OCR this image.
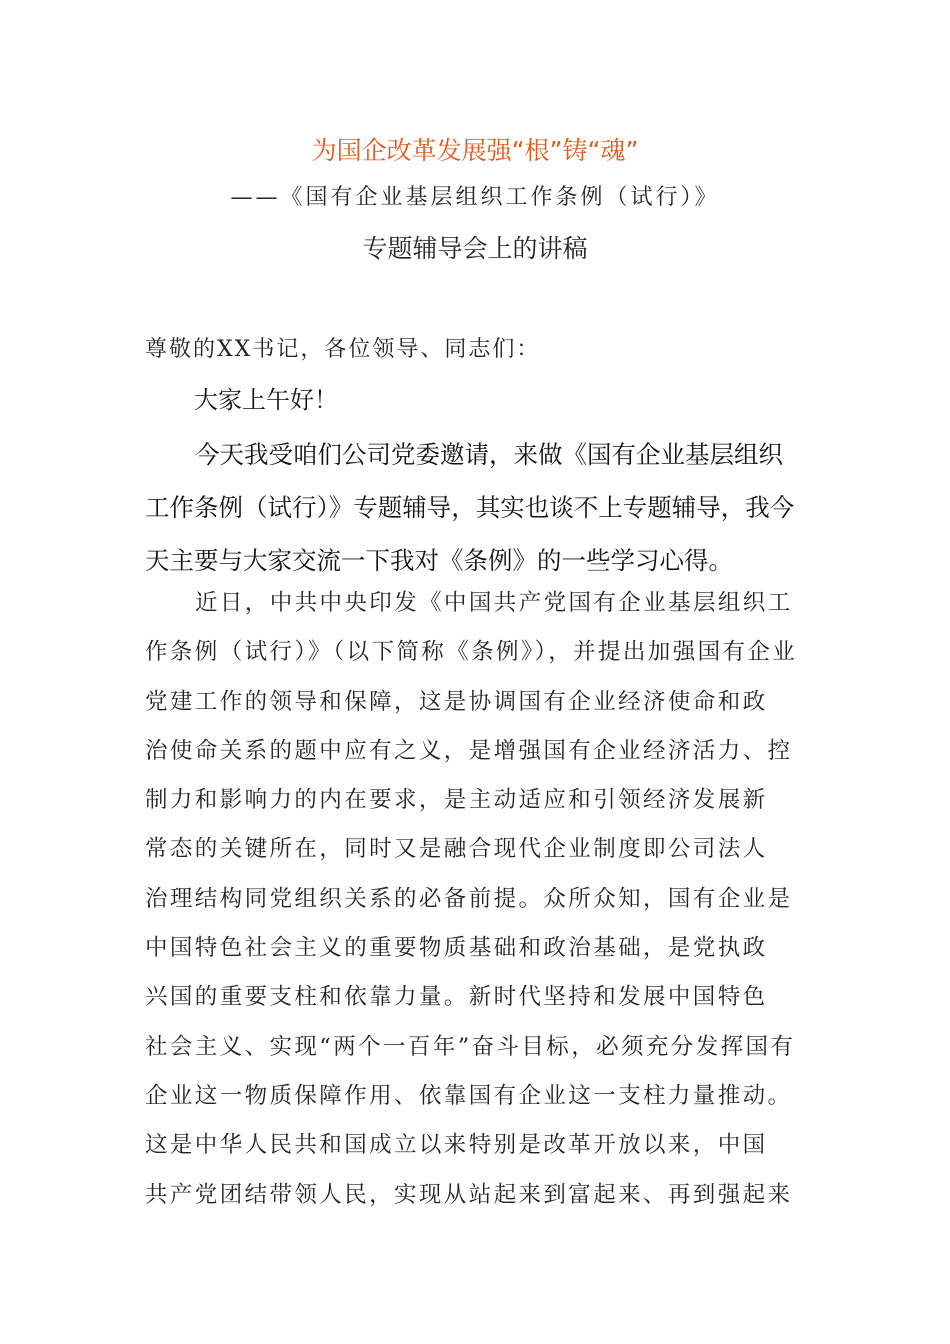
为国企改革发展强“根”铸“魂”
——《国有企业基层组织工作条例（试行）》
专题辅导会上的讲稿
尊敬的XX书记，各位领导、同志们：
大家上午好！
今天我受咱们公司党委邀请，来做《国有企业基层组织
工作条例（试行）》专题辅导，其实也谈不上专题辅导，我今
天主要与大家交流一下我对《条例》的一些学习心得。
近日，中共中央印发《中国共产党国有企业基层组织工
作条例（试行）》（以下简称《条例》），并提出加强国有企业
党建工作的领导和保障，这是协调国有企业经济使命和政
治使命关系的题中应有之义，是增强国有企业经济活力、控
制力和影响力的内在要求，是主动适应和引领经济发展新
常态的关键所在，同时又是融合现代企业制度即公司法人
治理结构同党组织关系的必备前提。众所众知，国有企业是
中国特色社会主义的重要物质基础和政治基础，是党执政
兴国的重要支柱和依靠力量。新时代坚持和发展中国特色
社会主义、实现“两个一百年”奋斗目标，必须充分发挥国有
企业这一物质保障作用、依靠国有企业这一支柱力量推动。
这是中华人民共和国成立以来特别是改革开放以来，中国
共产党团结带领人民，实现从站起来到富起来、再到强起来
